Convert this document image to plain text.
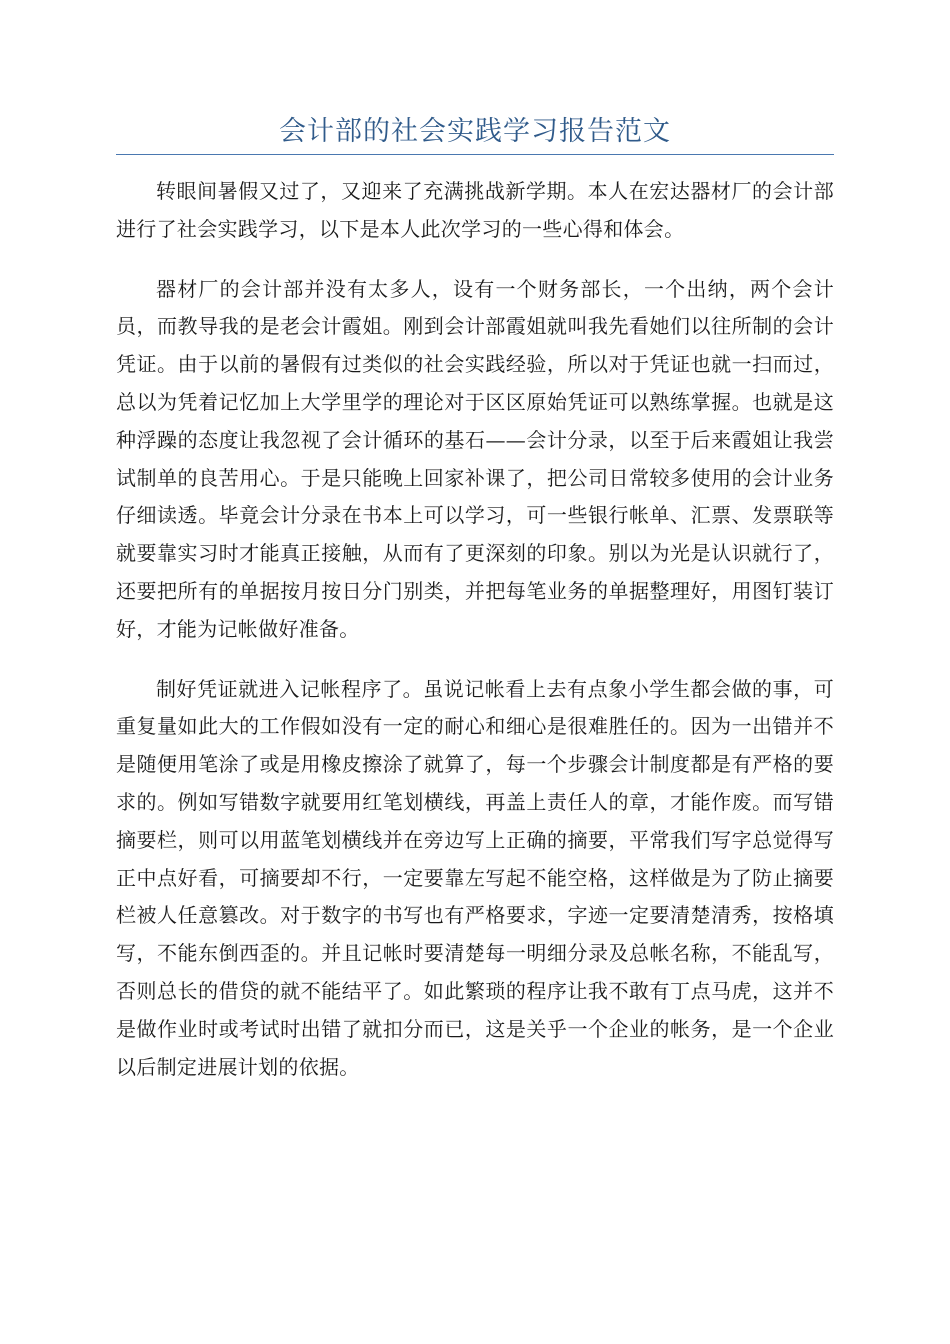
会计部的社会实践学习报告范文

转眼间暑假又过了，又迎来了充满挑战新学期。本人在宏达器材厂的会计部进行了社会实践学习，以下是本人此次学习的一些心得和体会。

器材厂的会计部并没有太多人，设有一个财务部长，一个出纳，两个会计员，而教导我的是老会计霞姐。刚到会计部霞姐就叫我先看她们以往所制的会计凭证。由于以前的暑假有过类似的社会实践经验，所以对于凭证也就一扫而过，总以为凭着记忆加上大学里学的理论对于区区原始凭证可以熟练掌握。也就是这种浮躁的态度让我忽视了会计循环的基石——会计分录，以至于后来霞姐让我尝试制单的良苦用心。于是只能晚上回家补课了，把公司日常较多使用的会计业务仔细读透。毕竟会计分录在书本上可以学习，可一些银行帐单、汇票、发票联等就要靠实习时才能真正接触，从而有了更深刻的印象。别以为光是认识就行了，还要把所有的单据按月按日分门别类，并把每笔业务的单据整理好，用图钉装订好，才能为记帐做好准备。

制好凭证就进入记帐程序了。虽说记帐看上去有点象小学生都会做的事，可重复量如此大的工作假如没有一定的耐心和细心是很难胜任的。因为一出错并不是随便用笔涂了或是用橡皮擦涂了就算了，每一个步骤会计制度都是有严格的要求的。例如写错数字就要用红笔划横线，再盖上责任人的章，才能作废。而写错摘要栏，则可以用蓝笔划横线并在旁边写上正确的摘要，平常我们写字总觉得写正中点好看，可摘要却不行，一定要靠左写起不能空格，这样做是为了防止摘要栏被人任意篡改。对于数字的书写也有严格要求，字迹一定要清楚清秀，按格填写，不能东倒西歪的。并且记帐时要清楚每一明细分录及总帐名称，不能乱写，否则总长的借贷的就不能结平了。如此繁琐的程序让我不敢有丁点马虎，这并不是做作业时或考试时出错了就扣分而已，这是关乎一个企业的帐务，是一个企业以后制定进展计划的依据。
